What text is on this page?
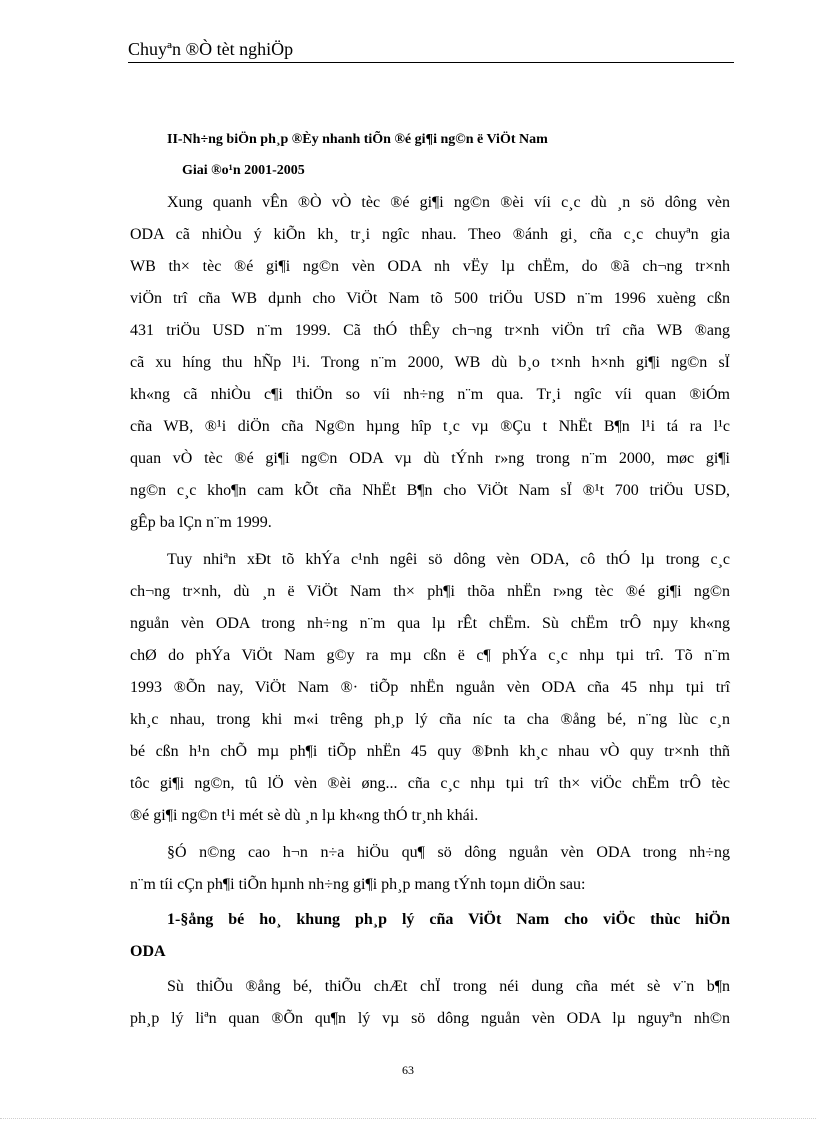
Chuyªn ®Ò tèt nghiÖp
II-Nh÷ng biÖn ph¸p ®Èy nhanh tiÕn ®é gi¶i ng©n ë ViÖt Nam
Giai ®o¹n 2001-2005
Xung quanh vÊn ®Ò vÒ tèc ®é gi¶i ng©n ®èi víi c¸c dù ¸n sö dông vèn
ODA cã nhiÒu ý kiÕn kh¸ tr¸i ngîc nhau. Theo ®ánh gi¸ cña c¸c chuyªn gia
WB th× tèc ®é gi¶i ng©n vèn ODA nh vËy lµ chËm, do ®ã ch¬ng tr×nh
viÖn trî cña WB dµnh cho ViÖt Nam tõ 500 triÖu USD n¨m 1996 xuèng cßn
431 triÖu USD n¨m 1999. Cã thÓ thÊy ch¬ng tr×nh viÖn trî cña WB ®ang
cã xu híng thu hÑp l¹i. Trong n¨m 2000, WB dù b¸o t×nh h×nh gi¶i ng©n sÏ
kh«ng cã nhiÒu c¶i thiÖn so víi nh÷ng n¨m qua. Tr¸i ngîc víi quan ®iÓm
cña WB, ®¹i diÖn cña Ng©n hµng hîp t¸c vµ ®Çu t NhËt B¶n l¹i tá ra l¹c
quan vÒ tèc ®é gi¶i ng©n ODA vµ dù tÝnh r»ng trong n¨m 2000, møc gi¶i
ng©n c¸c kho¶n cam kÕt cña NhËt B¶n cho ViÖt Nam sÏ ®¹t 700 triÖu USD,
gÊp ba lÇn n¨m 1999.
Tuy nhiªn xÐt tõ khÝa c¹nh ngêi sö dông vèn ODA, cô thÓ lµ trong c¸c
ch¬ng tr×nh, dù ¸n ë ViÖt Nam th× ph¶i thõa nhËn r»ng tèc ®é gi¶i ng©n
nguån vèn ODA trong nh÷ng n¨m qua lµ rÊt chËm. Sù chËm trÔ nµy kh«ng
chØ do phÝa ViÖt Nam g©y ra mµ cßn ë c¶ phÝa c¸c nhµ tµi trî. Tõ n¨m
1993 ®Õn nay, ViÖt Nam ®· tiÕp nhËn nguån vèn ODA cña 45 nhµ tµi trî
kh¸c nhau, trong khi m«i trêng ph¸p lý cña níc ta cha ®ång bé, n¨ng lùc c¸n
bé cßn h¹n chÕ mµ ph¶i tiÕp nhËn 45 quy ®Þnh kh¸c nhau vÒ quy tr×nh thñ
tôc gi¶i ng©n, tû lÖ vèn ®èi øng... cña c¸c nhµ tµi trî th× viÖc chËm trÔ tèc
®é gi¶i ng©n t¹i mét sè dù ¸n lµ kh«ng thÓ tr¸nh khái.
§Ó n©ng cao h¬n n÷a hiÖu qu¶ sö dông nguån vèn ODA trong nh÷ng
n¨m tíi cÇn ph¶i tiÕn hµnh nh÷ng gi¶i ph¸p mang tÝnh toµn diÖn sau:
1-§ång bé ho¸ khung ph¸p lý cña ViÖt Nam cho viÖc thùc hiÖn
ODA
Sù thiÕu ®ång bé, thiÕu chÆt chÏ trong néi dung cña mét sè v¨n b¶n
ph¸p lý liªn quan ®Õn qu¶n lý vµ sö dông nguån vèn ODA lµ nguyªn nh©n
63
